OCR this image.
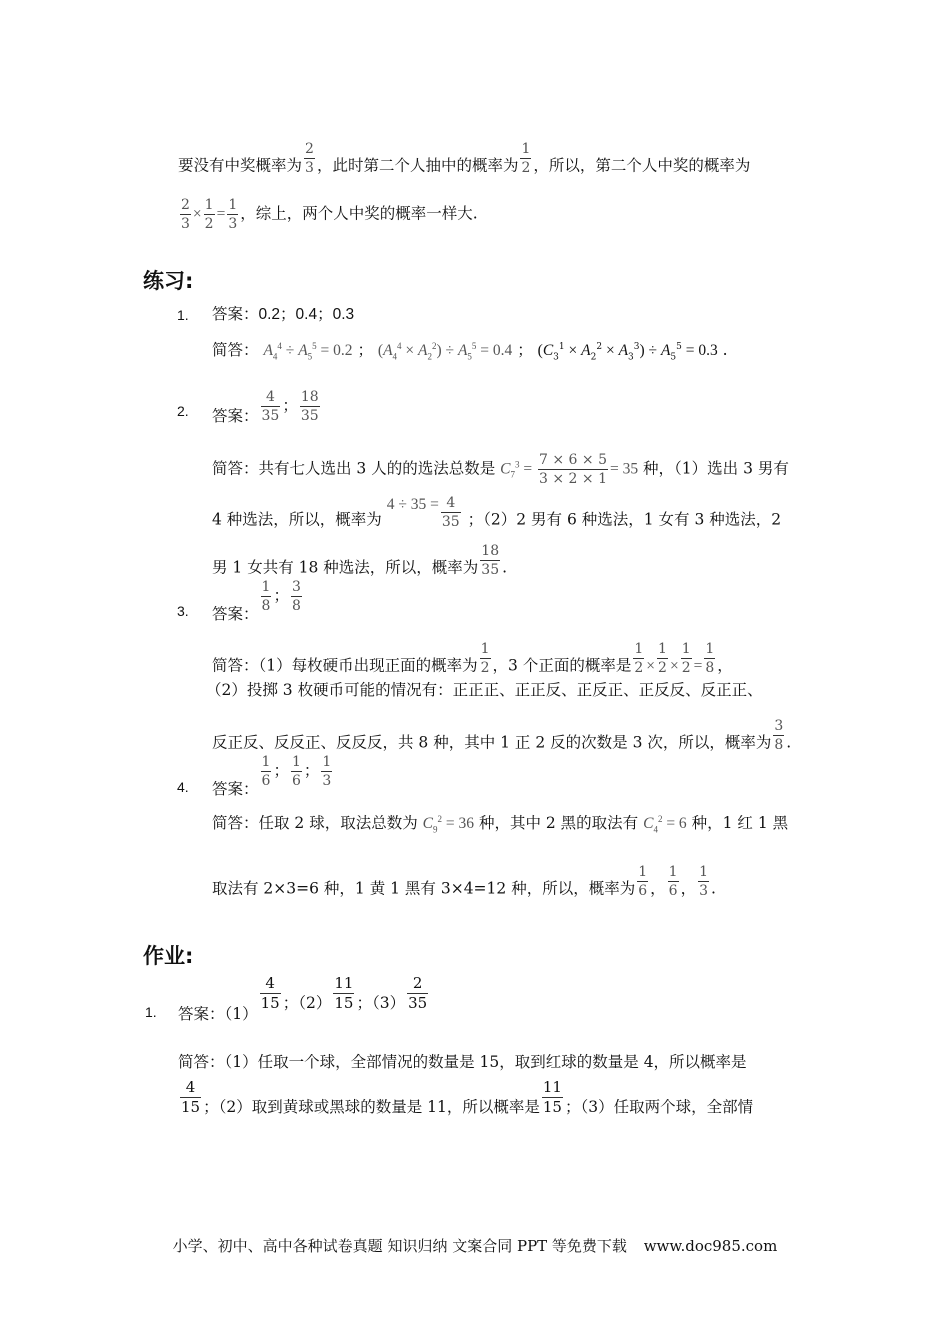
要没有中奖概率为 $\frac{2}{3}$ ，此时第二个人抽中的概率为 $\frac{1}{2}$ ，所以，第二个人中奖的概率为
$\frac{2}{3} \times \frac{1}{2} = \frac{1}{3}$ ，综上，两个人中奖的概率一样大.
练习:
1. 答案：0.2；0.4；0.3
简答： $A_4^4 \div A_5^5 = 0.2$ ； $(A_4^4 \times A_2^2) \div A_5^5 = 0.4$ ； $(C_3^1 \times A_2^2 \times A_3^3) \div A_5^5 = 0.3$ .
2. 答案： $\frac{4}{35}$ ； $\frac{18}{35}$
简答：共有七人选出 3 人的的选法总数是 $C_7^3 = \frac{7 \times 6 \times 5}{3 \times 2 \times 1} = 35$ 种，（1）选出 3 男有
4 种选法，所以，概率为 $4 \div 35 = \frac{4}{35}$ ；（2）2 男有 6 种选法，1 女有 3 种选法，2
男 1 女共有 18 种选法，所以，概率为 $\frac{18}{35}$ .
3. 答案：
$\frac{1}{8}$ ； $\frac{3}{8}$
简答：（1）每枚硬币出现正面的概率为 $\frac{1}{2}$ ，3 个正面的概率是 $\frac{1}{2} \times \frac{1}{2} \times \frac{1}{2} = \frac{1}{8}$ ，
（2）投掷 3 枚硬币可能的情况有：正正正、正正反、正反正、正反反、反正正、
反正反、反反正、反反反，共 8 种，其中 1 正 2 反的次数是 3 次，所以，概率为 $\frac{3}{8}$ .
4. 答案：
$\frac{1}{6}$ ； $\frac{1}{6}$ ； $\frac{1}{3}$
简答：任取 2 球，取法总数为 $C_9^2 = 36$ 种，其中 2 黑的取法有 $C_4^2 = 6$ 种，1 红 1 黑
取法有 2×3=6 种，1 黄 1 黑有 3×4=12 种，所以，概率为 $\frac{1}{6}$ ， $\frac{1}{6}$ ， $\frac{1}{3}$ .
作业:
1. 答案：（1）
$\frac{4}{15}$ ；$(2) \frac{11}{15}$ ；$(3) \frac{2}{35}$
简答：（1）任取一个球，全部情况的数量是 15，取到红球的数量是 4，所以概率是
$\frac{4}{15}$ ；（2）取到黄球或黑球的数量是 11，所以概率是 $\frac{11}{15}$ ；（3）任取两个球，全部情
小学、初中、高中各种试卷真题 知识归纳 文案合同 PPT 等免费下载 www.doc985.com
